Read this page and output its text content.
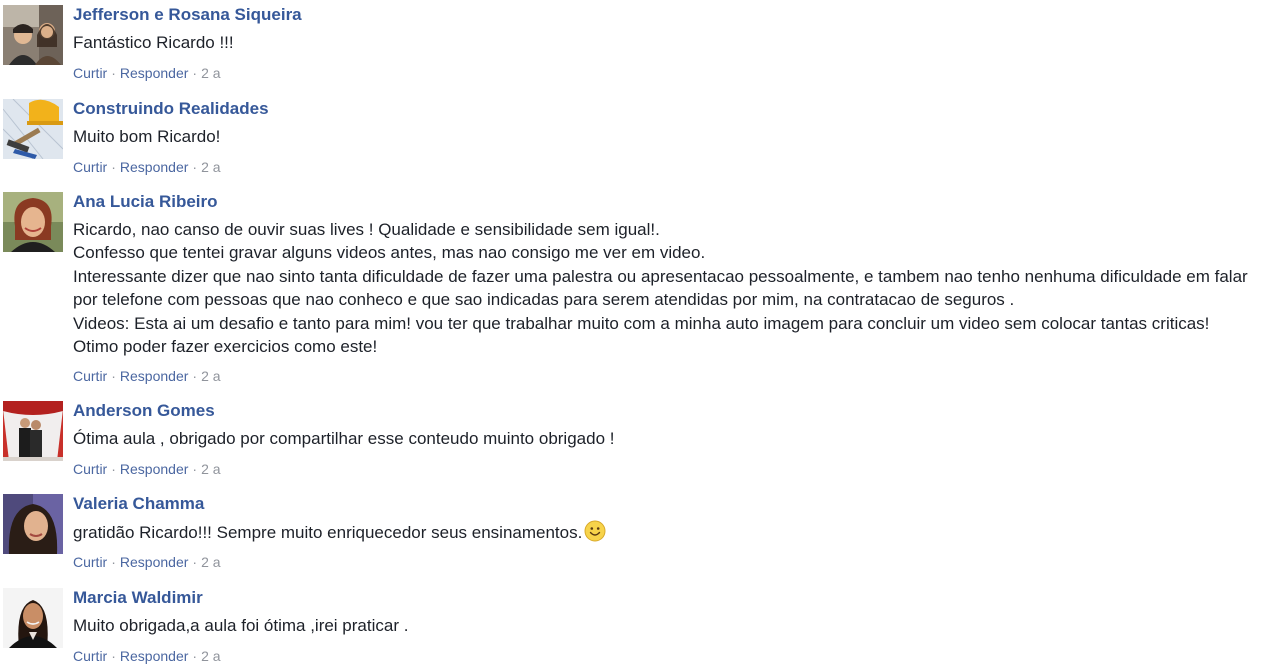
Jefferson e Rosana Siqueira
Fantástico Ricardo !!!
Curtir · Responder · 2 a
Construindo Realidades
Muito bom Ricardo!
Curtir · Responder · 2 a
Ana Lucia Ribeiro
Ricardo, nao canso de ouvir suas lives ! Qualidade e sensibilidade sem igual!.
Confesso que tentei gravar alguns videos antes, mas nao consigo me ver em video.
Interessante dizer que nao sinto tanta dificuldade de fazer uma palestra ou apresentacao pessoalmente, e tambem nao tenho nenhuma dificuldade em falar
por telefone com pessoas que nao conheco e que sao indicadas para serem atendidas por mim, na contratacao de seguros .
Videos: Esta ai um desafio e tanto para mim! vou ter que trabalhar muito com a minha auto imagem para concluir um video sem colocar tantas criticas!
Otimo poder fazer exercicios como este!
Curtir · Responder · 2 a
Anderson Gomes
Ótima aula , obrigado por compartilhar esse conteudo muinto obrigado !
Curtir · Responder · 2 a
Valeria Chamma
gratidão Ricardo!!! Sempre muito enriquecedor seus ensinamentos.
Curtir · Responder · 2 a
Marcia Waldimir
Muito obrigada,a aula foi ótima ,irei praticar .
Curtir · Responder · 2 a
